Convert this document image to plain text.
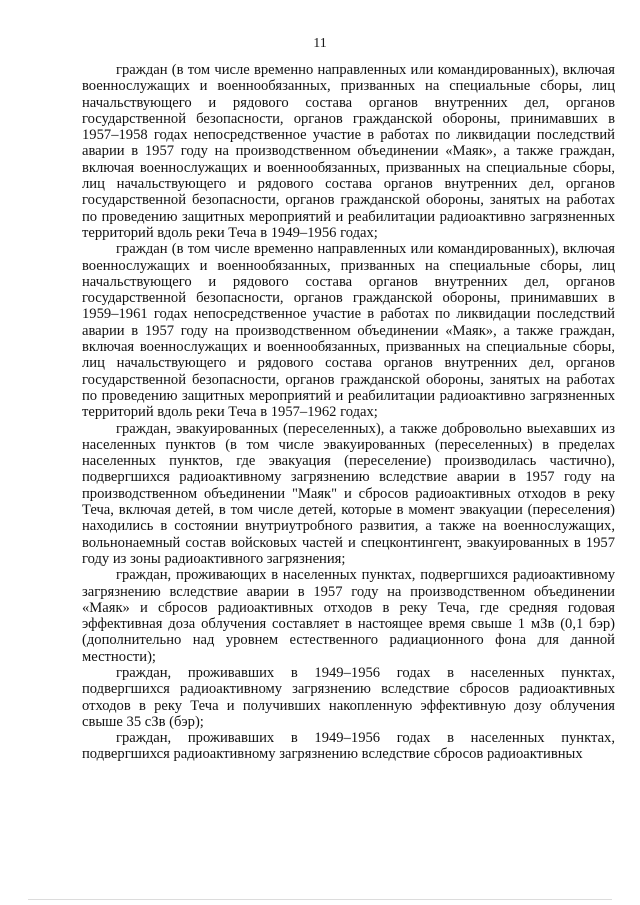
11

граждан (в том числе временно направленных или командированных), включая военнослужащих и военнообязанных, призванных на специальные сборы, лиц начальствующего и рядового состава органов внутренних дел, органов государственной безопасности, органов гражданской обороны, принимавших в 1957–1958 годах непосредственное участие в работах по ликвидации последствий аварии в 1957 году на производственном объединении «Маяк», а также граждан, включая военнослужащих и военнообязанных, призванных на специальные сборы, лиц начальствующего и рядового состава органов внутренних дел, органов государственной безопасности, органов гражданской обороны, занятых на работах по проведению защитных мероприятий и реабилитации радиоактивно загрязненных территорий вдоль реки Теча в 1949–1956 годах;

граждан (в том числе временно направленных или командированных), включая военнослужащих и военнообязанных, призванных на специальные сборы, лиц начальствующего и рядового состава органов внутренних дел, органов государственной безопасности, органов гражданской обороны, принимавших в 1959–1961 годах непосредственное участие в работах по ликвидации последствий аварии в 1957 году на производственном объединении «Маяк», а также граждан, включая военнослужащих и военнообязанных, призванных на специальные сборы, лиц начальствующего и рядового состава органов внутренних дел, органов государственной безопасности, органов гражданской обороны, занятых на работах по проведению защитных мероприятий и реабилитации радиоактивно загрязненных территорий вдоль реки Теча в 1957–1962 годах;

граждан, эвакуированных (переселенных), а также добровольно выехавших из населенных пунктов (в том числе эвакуированных (переселенных) в пределах населенных пунктов, где эвакуация (переселение) производилась частично), подвергшихся радиоактивному загрязнению вследствие аварии в 1957 году на производственном объединении "Маяк" и сбросов радиоактивных отходов в реку Теча, включая детей, в том числе детей, которые в момент эвакуации (переселения) находились в состоянии внутриутробного развития, а также на военнослужащих, вольнонаемный состав войсковых частей и спецконтингент, эвакуированных в 1957 году из зоны радиоактивного загрязнения;

граждан, проживающих в населенных пунктах, подвергшихся радиоактивному загрязнению вследствие аварии в 1957 году на производственном объединении «Маяк» и сбросов радиоактивных отходов в реку Теча, где средняя годовая эффективная доза облучения составляет в настоящее время свыше 1 мЗв (0,1 бэр) (дополнительно над уровнем естественного радиационного фона для данной местности);

граждан, проживавших в 1949–1956 годах в населенных пунктах, подвергшихся радиоактивному загрязнению вследствие сбросов радиоактивных отходов в реку Теча и получивших накопленную эффективную дозу облучения свыше 35 сЗв (бэр);

граждан, проживавших в 1949–1956 годах в населенных пунктах, подвергшихся радиоактивному загрязнению вследствие сбросов радиоактивных
